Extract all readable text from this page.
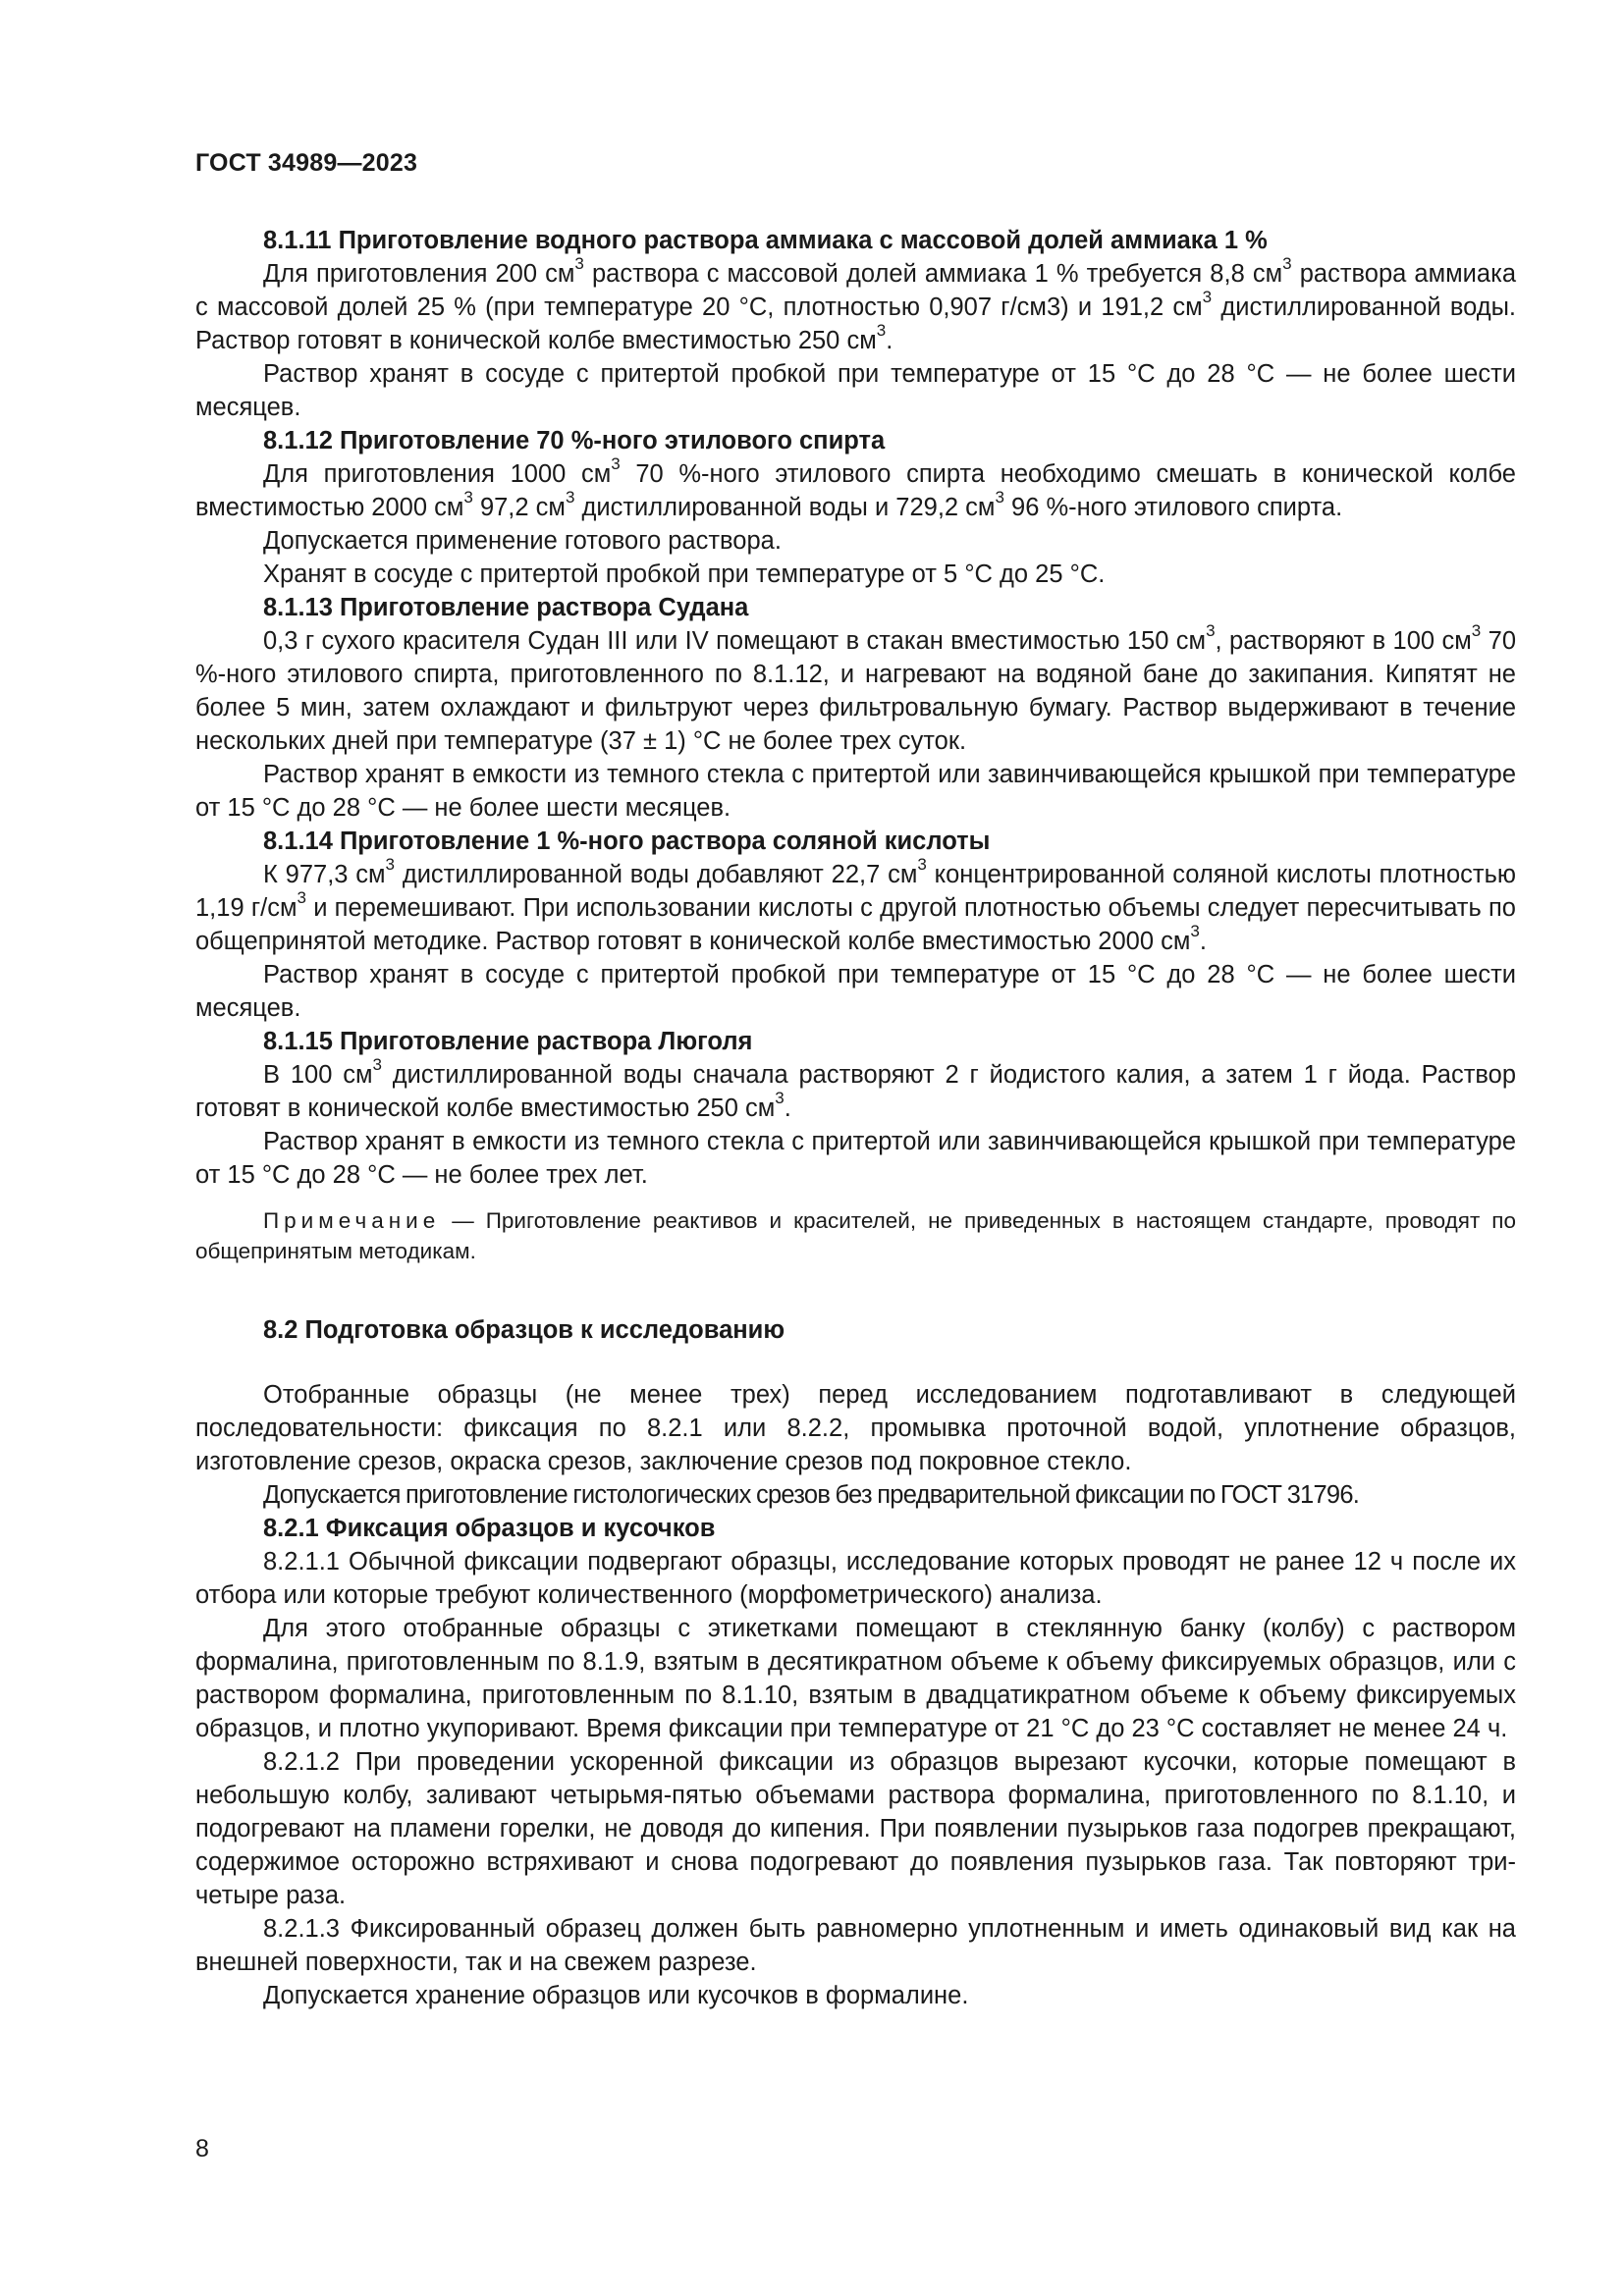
ГОСТ 34989—2023

8.1.11 Приготовление водного раствора аммиака с массовой долей аммиака 1 %

Для приготовления 200 $см^3$ раствора с массовой долей аммиака 1 % требуется 8,8 $см^3$ раствора аммиака с массовой долей 25 % (при температуре 20 °С, плотностью 0,907 г/см3) и 191,2 $см^3$ дистиллированной воды. Раствор готовят в конической колбе вместимостью 250 $см^3$.

Раствор хранят в сосуде с притертой пробкой при температуре от 15 °С до 28 °С — не более шести месяцев.

8.1.12 Приготовление 70 %-ного этилового спирта

Для приготовления 1000 $см^3$ 70 %-ного этилового спирта необходимо смешать в конической колбе вместимостью 2000 $см^3$ 97,2 $см^3$ дистиллированной воды и 729,2 $см^3$ 96 %-ного этилового спирта.

Допускается применение готового раствора.

Хранят в сосуде с притертой пробкой при температуре от 5 °С до 25 °С.

8.1.13 Приготовление раствора Судана

0,3 г сухого красителя Судан III или IV помещают в стакан вместимостью 150 $см^3$, растворяют в 100 $см^3$ 70 %-ного этилового спирта, приготовленного по 8.1.12, и нагревают на водяной бане до закипания. Кипятят не более 5 мин, затем охлаждают и фильтруют через фильтровальную бумагу. Раствор выдерживают в течение нескольких дней при температуре (37 ± 1) °С не более трех суток.

Раствор хранят в емкости из темного стекла с притертой или завинчивающейся крышкой при температуре от 15 °С до 28 °С — не более шести месяцев.

8.1.14 Приготовление 1 %-ного раствора соляной кислоты

К 977,3 $см^3$ дистиллированной воды добавляют 22,7 $см^3$ концентрированной соляной кислоты плотностью 1,19 $г/см^3$ и перемешивают. При использовании кислоты с другой плотностью объемы следует пересчитывать по общепринятой методике. Раствор готовят в конической колбе вместимостью 2000 $см^3$.

Раствор хранят в сосуде с притертой пробкой при температуре от 15 °С до 28 °С — не более шести месяцев.

8.1.15 Приготовление раствора Люголя

В 100 $см^3$ дистиллированной воды сначала растворяют 2 г йодистого калия, а затем 1 г йода. Раствор готовят в конической колбе вместимостью 250 $см^3$.

Раствор хранят в емкости из темного стекла с притертой или завинчивающейся крышкой при температуре от 15 °С до 28 °С — не более трех лет.

Примечание — Приготовление реактивов и красителей, не приведенных в настоящем стандарте, проводят по общепринятым методикам.

8.2 Подготовка образцов к исследованию

Отобранные образцы (не менее трех) перед исследованием подготавливают в следующей последовательности: фиксация по 8.2.1 или 8.2.2, промывка проточной водой, уплотнение образцов, изготовление срезов, окраска срезов, заключение срезов под покровное стекло.

Допускается приготовление гистологических срезов без предварительной фиксации по ГОСТ 31796.

8.2.1 Фиксация образцов и кусочков

8.2.1.1 Обычной фиксации подвергают образцы, исследование которых проводят не ранее 12 ч после их отбора или которые требуют количественного (морфометрического) анализа.

Для этого отобранные образцы с этикетками помещают в стеклянную банку (колбу) с раствором формалина, приготовленным по 8.1.9, взятым в десятикратном объеме к объему фиксируемых образцов, или с раствором формалина, приготовленным по 8.1.10, взятым в двадцатикратном объеме к объему фиксируемых образцов, и плотно укупоривают. Время фиксации при температуре от 21 °С до 23 °С составляет не менее 24 ч.

8.2.1.2 При проведении ускоренной фиксации из образцов вырезают кусочки, которые помещают в небольшую колбу, заливают четырьмя-пятью объемами раствора формалина, приготовленного по 8.1.10, и подогревают на пламени горелки, не доводя до кипения. При появлении пузырьков газа подогрев прекращают, содержимое осторожно встряхивают и снова подогревают до появления пузырьков газа. Так повторяют три-четыре раза.

8.2.1.3 Фиксированный образец должен быть равномерно уплотненным и иметь одинаковый вид как на внешней поверхности, так и на свежем разрезе.

Допускается хранение образцов или кусочков в формалине.

8
